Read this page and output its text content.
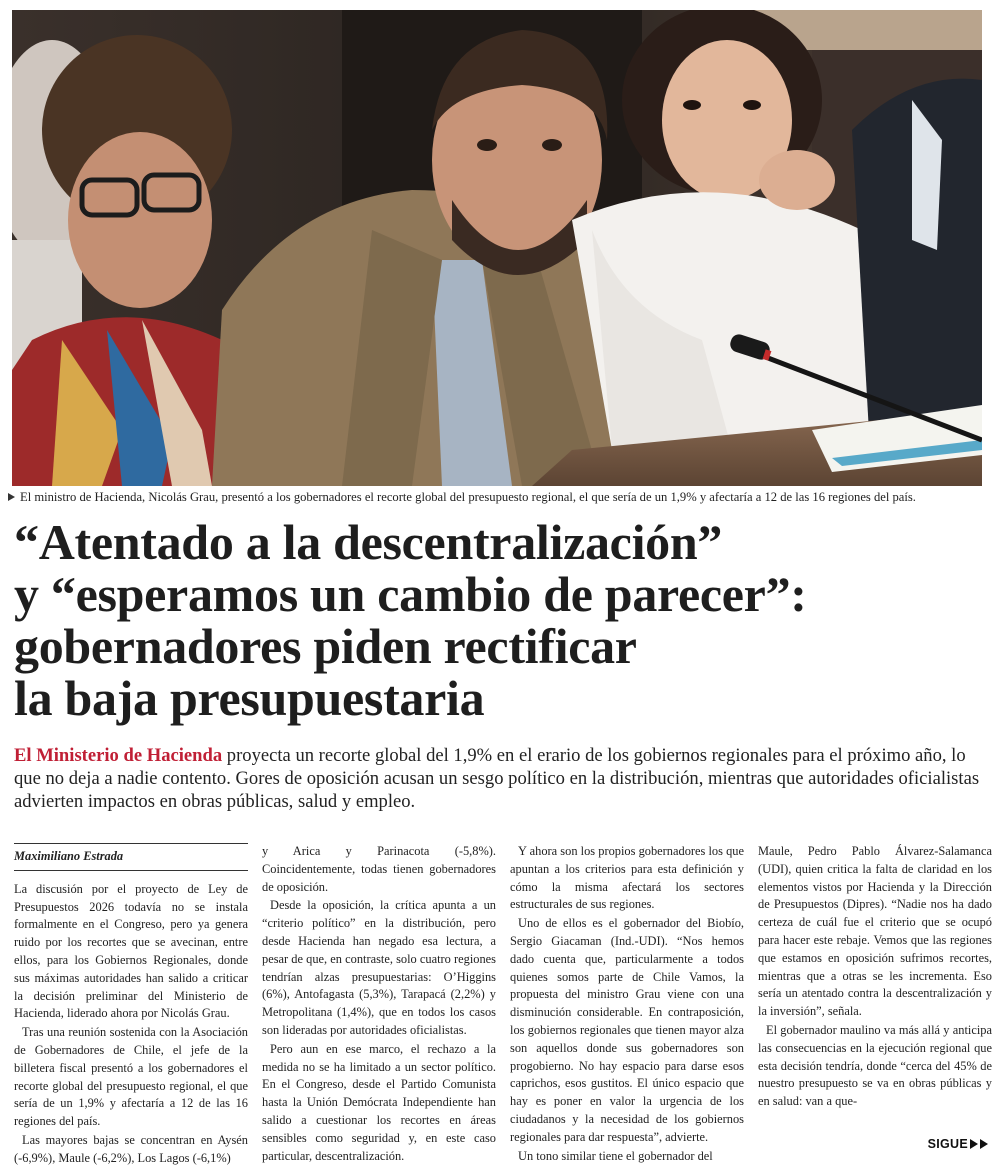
El ministro de Hacienda, Nicolás Grau, presentó a los gobernadores el recorte global del presupuesto regional, el que sería de un 1,9% y afectaría a 12 de las 16 regiones del país.
“Atentado a la descentralización”
y “esperamos un cambio de parecer”:
gobernadores piden rectificar
la baja presupuestaria

El Ministerio de Hacienda proyecta un recorte global del 1,9% en el erario de los gobiernos regionales para el próximo año, lo que no deja a nadie contento. Gores de oposición acusan un sesgo político en la distribución, mientras que autoridades oficialistas advierten impactos en obras públicas, salud y empleo.

Maximiliano Estrada

La discusión por el proyecto de Ley de Presupuestos 2026 todavía no se instala formalmente en el Congreso, pero ya genera ruido por los recortes que se avecinan, entre ellos, para los Gobiernos Regionales, donde sus máximas autoridades han salido a criticar la decisión preliminar del Ministerio de Hacienda, liderado ahora por Nicolás Grau.

Tras una reunión sostenida con la Asociación de Gobernadores de Chile, el jefe de la billetera fiscal presentó a los gobernadores el recorte global del presupuesto regional, el que sería de un 1,9% y afectaría a 12 de las 16 regiones del país.

Las mayores bajas se concentran en Aysén (-6,9%), Maule (-6,2%), Los Lagos (-6,1%)

y Arica y Parinacota (-5,8%). Coincidentemente, todas tienen gobernadores de oposición.

Desde la oposición, la crítica apunta a un “criterio político” en la distribución, pero desde Hacienda han negado esa lectura, a pesar de que, en contraste, solo cuatro regiones tendrían alzas presupuestarias: O’Higgins (6%), Antofagasta (5,3%), Tarapacá (2,2%) y Metropolitana (1,4%), que en todos los casos son lideradas por autoridades oficialistas.

Pero aun en ese marco, el rechazo a la medida no se ha limitado a un sector político. En el Congreso, desde el Partido Comunista hasta la Unión Demócrata Independiente han salido a cuestionar los recortes en áreas sensibles como seguridad y, en este caso particular, descentralización.

Y ahora son los propios gobernadores los que apuntan a los criterios para esta definición y cómo la misma afectará los sectores estructurales de sus regiones.

Uno de ellos es el gobernador del Biobío, Sergio Giacaman (Ind.-UDI). “Nos hemos dado cuenta que, particularmente a todos quienes somos parte de Chile Vamos, la propuesta del ministro Grau viene con una disminución considerable. En contraposición, los gobiernos regionales que tienen mayor alza son aquellos donde sus gobernadores son progobierno. No hay espacio para darse esos caprichos, esos gustitos. El único espacio que hay es poner en valor la urgencia de los ciudadanos y la necesidad de los gobiernos regionales para dar respuesta”, advierte.

Un tono similar tiene el gobernador del

Maule, Pedro Pablo Álvarez-Salamanca (UDI), quien critica la falta de claridad en los elementos vistos por Hacienda y la Dirección de Presupuestos (Dipres). “Nadie nos ha dado certeza de cuál fue el criterio que se ocupó para hacer este rebaje. Vemos que las regiones que estamos en oposición sufrimos recortes, mientras que a otras se les incrementa. Eso sería un atentado contra la descentralización y la inversión”, señala.

El gobernador maulino va más allá y anticipa las consecuencias en la ejecución regional que esta decisión tendría, donde “cerca del 45% de nuestro presupuesto se va en obras públicas y en salud: van a que-

SIGUE
